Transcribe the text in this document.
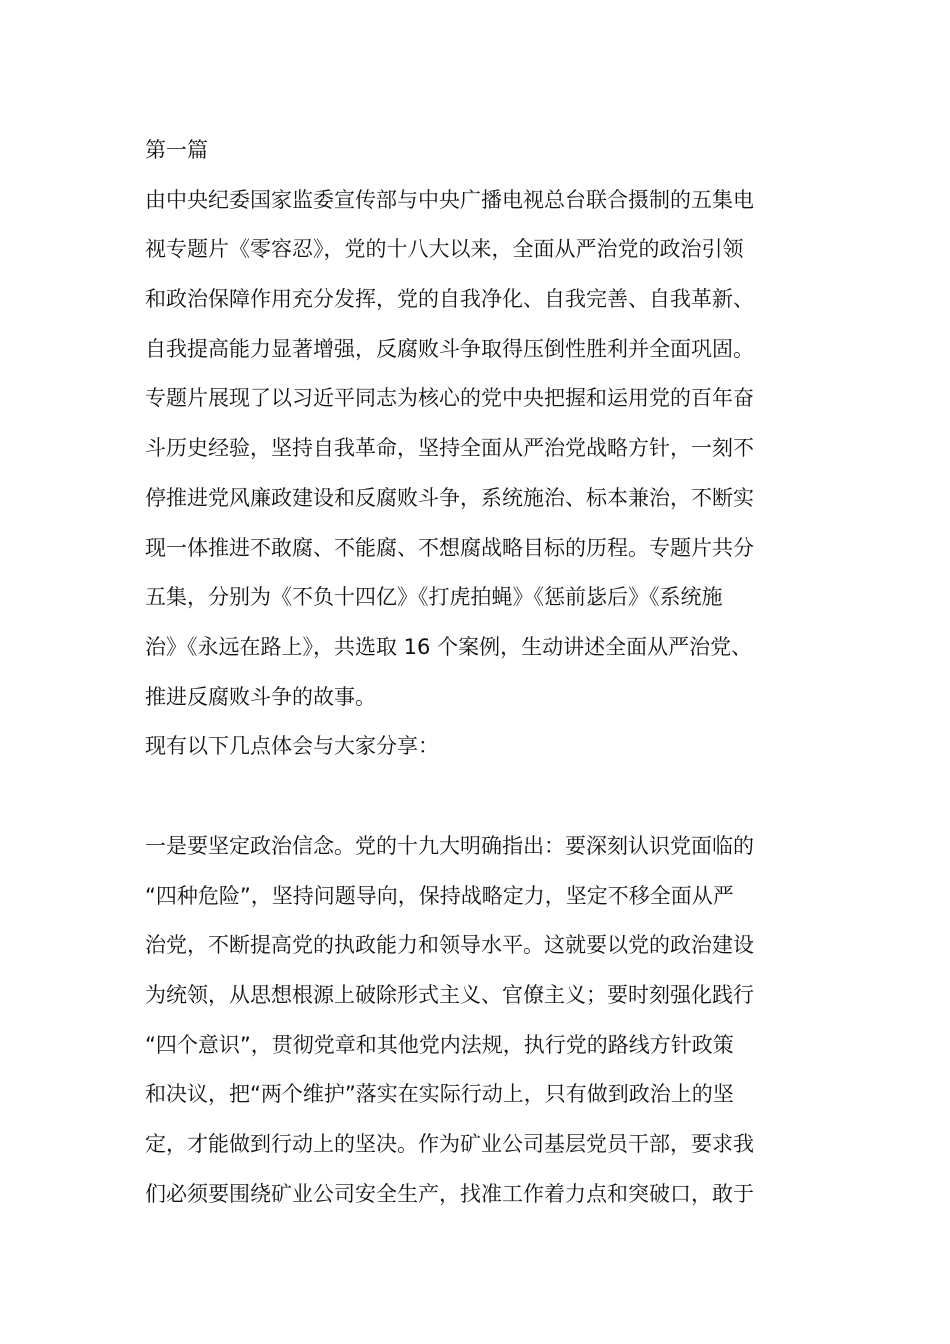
第一篇
由中央纪委国家监委宣传部与中央广播电视总台联合摄制的五集电
视专题片《零容忍》，党的十八大以来，全面从严治党的政治引领
和政治保障作用充分发挥，党的自我净化、自我完善、自我革新、
自我提高能力显著增强，反腐败斗争取得压倒性胜利并全面巩固。
专题片展现了以习近平同志为核心的党中央把握和运用党的百年奋
斗历史经验，坚持自我革命，坚持全面从严治党战略方针，一刻不
停推进党风廉政建设和反腐败斗争，系统施治、标本兼治，不断实
现一体推进不敢腐、不能腐、不想腐战略目标的历程。专题片共分
五集，分别为《不负十四亿》《打虎拍蝇》《惩前毖后》《系统施
治》《永远在路上》，共选取 16 个案例，生动讲述全面从严治党、
推进反腐败斗争的故事。
现有以下几点体会与大家分享：
一是要坚定政治信念。党的十九大明确指出：要深刻认识党面临的
“四种危险”，坚持问题导向，保持战略定力，坚定不移全面从严
治党，不断提高党的执政能力和领导水平。这就要以党的政治建设
为统领，从思想根源上破除形式主义、官僚主义；要时刻强化践行
“四个意识”，贯彻党章和其他党内法规，执行党的路线方针政策
和决议，把“两个维护”落实在实际行动上，只有做到政治上的坚
定，才能做到行动上的坚决。作为矿业公司基层党员干部，要求我
们必须要围绕矿业公司安全生产，找准工作着力点和突破口，敢于
